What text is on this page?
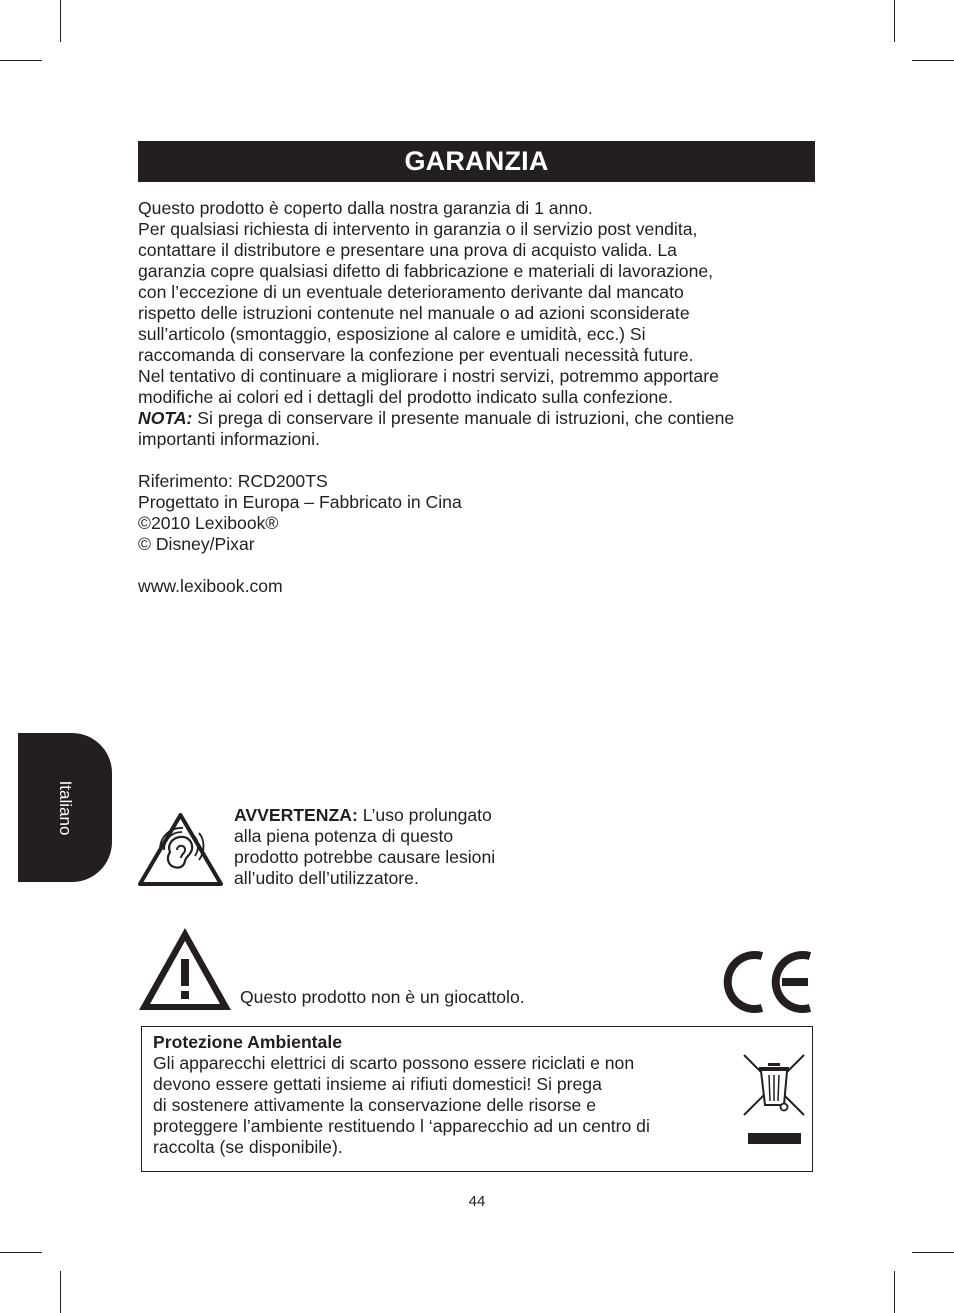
GARANZIA

Questo prodotto è coperto dalla nostra garanzia di 1 anno.

Per qualsiasi richiesta di intervento in garanzia o il servizio post vendita,

contattare il distributore e presentare una prova di acquisto valida. La

garanzia copre qualsiasi difetto di fabbricazione e materiali di lavorazione,

con l’eccezione di un eventuale deterioramento derivante dal mancato

rispetto delle istruzioni contenute nel manuale o ad azioni sconsiderate

sull’articolo (smontaggio, esposizione al calore e umidità, ecc.) Si

raccomanda di conservare la confezione per eventuali necessità future.

Nel tentativo di continuare a migliorare i nostri servizi, potremmo apportare

modifiche ai colori ed i dettagli del prodotto indicato sulla confezione.

NOTA: Si prega di conservare il presente manuale di istruzioni, che contiene

importanti informazioni.

Riferimento: RCD200TS

Progettato in Europa – Fabbricato in Cina

©2010 Lexibook®

© Disney/Pixar

www.lexibook.com

Italiano	AVVERTENZA: L’uso prolungato
alla piena potenza di questo
prodotto potrebbe causare lesioni
all’udito dell’utilizzatore.
Questo prodotto non è un giocattolo.
Protezione Ambientale
Gli apparecchi elettrici di scarto possono essere riciclati e non
devono essere gettati insieme ai rifiuti domestici! Si prega
di sostenere attivamente la conservazione delle risorse e
proteggere l’ambiente restituendo l ‘apparecchio ad un centro di
raccolta (se disponibile).
44
